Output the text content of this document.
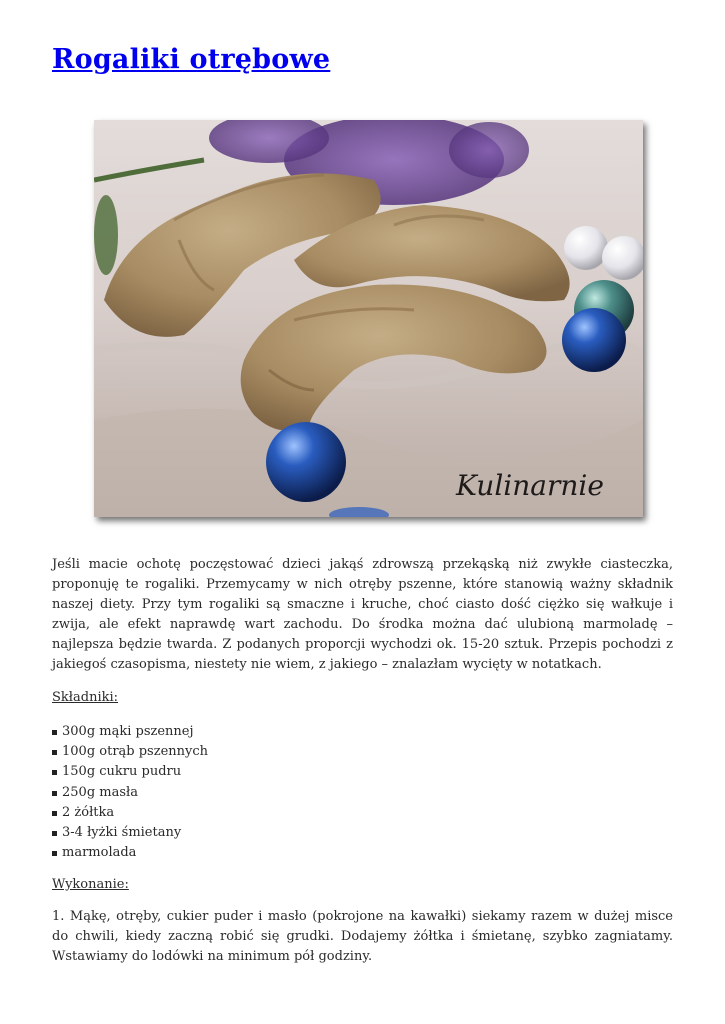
Rogaliki otrębowe
Kulinarnie

Jeśli macie ochotę poczęstować dzieci jakąś zdrowszą przekąską niż zwykłe ciasteczka, proponuję te rogaliki. Przemycamy w nich otręby pszenne, które stanowią ważny składnik naszej diety. Przy tym rogaliki są smaczne i kruche, choć ciasto dość ciężko się wałkuje i zwija, ale efekt naprawdę wart zachodu. Do środka można dać ulubioną marmoladę – najlepsza będzie twarda. Z podanych proporcji wychodzi ok. 15-20 sztuk. Przepis pochodzi z jakiegoś czasopisma, niestety nie wiem, z jakiego – znalazłam wycięty w notatkach.

Składniki:

300g mąki pszennej
100g otrąb pszennych
150g cukru pudru
250g masła
2 żółtka
3-4 łyżki śmietany
marmolada

Wykonanie:

1. Mąkę, otręby, cukier puder i masło (pokrojone na kawałki) siekamy razem w dużej misce do chwili, kiedy zaczną robić się grudki. Dodajemy żółtka i śmietanę, szybko zagniatamy. Wstawiamy do lodówki na minimum pół godziny.
